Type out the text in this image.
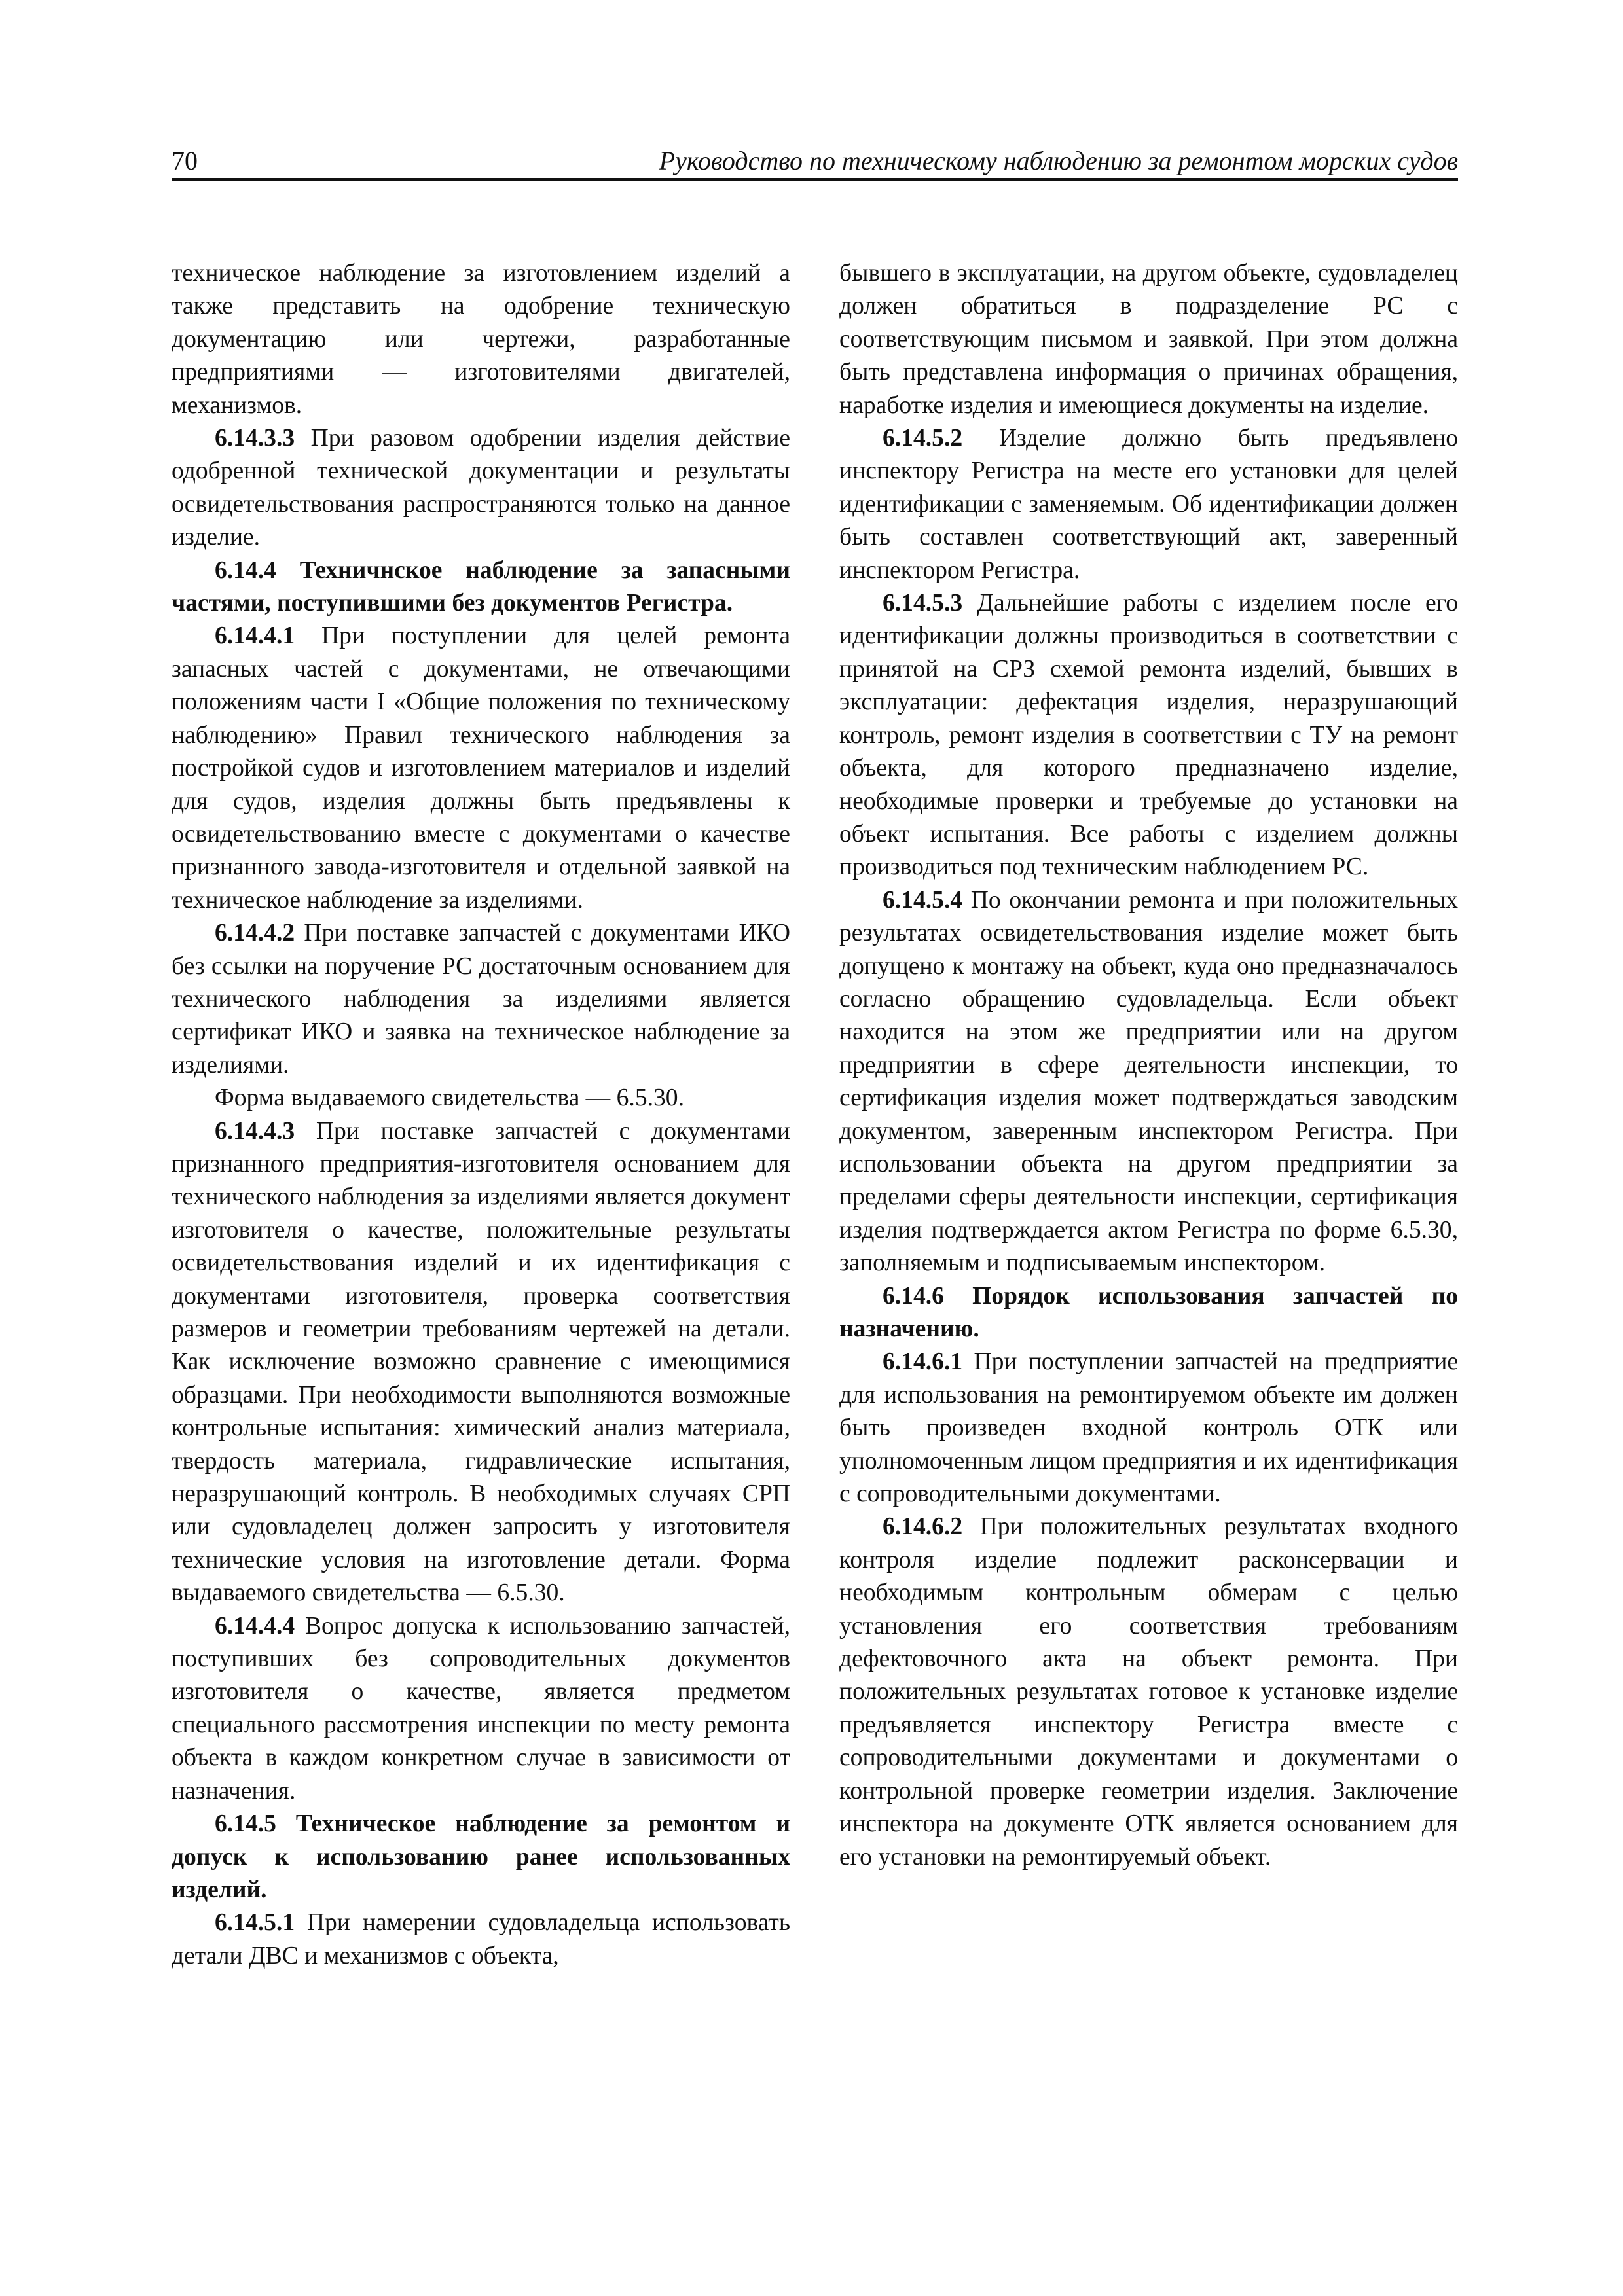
70	Руководство по техническому наблюдению за ремонтом морских судов

техническое наблюдение за изготовлением изделий а также представить на одобрение техническую документацию или чертежи, разработанные предприятиями — изготовителями двигателей, механизмов.

6.14.3.3 При разовом одобрении изделия действие одобренной технической документации и результаты освидетельствования распространяются только на данное изделие.

6.14.4 Техничнское наблюдение за запасными частями, поступившими без документов Регистра.

6.14.4.1 При поступлении для целей ремонта запасных частей с документами, не отвечающими положениям части I «Общие положения по техническому наблюдению» Правил технического наблюдения за постройкой судов и изготовлением материалов и изделий для судов, изделия должны быть предъявлены к освидетельствованию вместе с документами о качестве признанного завода-изготовителя и отдельной заявкой на техническое наблюдение за изделиями.

6.14.4.2 При поставке запчастей с документами ИКО без ссылки на поручение РС достаточным основанием для технического наблюдения за изделиями является сертификат ИКО и заявка на техническое наблюдение за изделиями.

Форма выдаваемого свидетельства — 6.5.30.

6.14.4.3 При поставке запчастей с документами признанного предприятия-изготовителя основанием для технического наблюдения за изделиями является документ изготовителя о качестве, положительные результаты освидетельствования изделий и их идентификация с документами изготовителя, проверка соответствия размеров и геометрии требованиям чертежей на детали. Как исключение возможно сравнение с имеющимися образцами. При необходимости выполняются возможные контрольные испытания: химический анализ материала, твердость материала, гидравлические испытания, неразрушающий контроль. В необходимых случаях СРП или судовладелец должен запросить у изготовителя технические условия на изготовление детали. Форма выдаваемого свидетельства — 6.5.30.

6.14.4.4 Вопрос допуска к использованию запчастей, поступивших без сопроводительных документов изготовителя о качестве, является предметом специального рассмотрения инспекции по месту ремонта объекта в каждом конкретном случае в зависимости от назначения.

6.14.5 Техническое наблюдение за ремонтом и допуск к использованию ранее использованных изделий.

6.14.5.1 При намерении судовладельца использовать детали ДВС и механизмов с объекта,

бывшего в эксплуатации, на другом объекте, судовладелец должен обратиться в подразделение РС с соответствующим письмом и заявкой. При этом должна быть представлена информация о причинах обращения, наработке изделия и имеющиеся документы на изделие.

6.14.5.2 Изделие должно быть предъявлено инспектору Регистра на месте его установки для целей идентификации с заменяемым. Об идентификации должен быть составлен соответствующий акт, заверенный инспектором Регистра.

6.14.5.3 Дальнейшие работы с изделием после его идентификации должны производиться в соответствии с принятой на СРЗ схемой ремонта изделий, бывших в эксплуатации: дефектация изделия, неразрушающий контроль, ремонт изделия в соответствии с ТУ на ремонт объекта, для которого предназначено изделие, необходимые проверки и требуемые до установки на объект испытания. Все работы с изделием должны производиться под техническим наблюдением РС.

6.14.5.4 По окончании ремонта и при положительных результатах освидетельствования изделие может быть допущено к монтажу на объект, куда оно предназначалось согласно обращению судовладельца. Если объект находится на этом же предприятии или на другом предприятии в сфере деятельности инспекции, то сертификация изделия может подтверждаться заводским документом, заверенным инспектором Регистра. При использовании объекта на другом предприятии за пределами сферы деятельности инспекции, сертификация изделия подтверждается актом Регистра по форме 6.5.30, заполняемым и подписываемым инспектором.

6.14.6 Порядок использования запчастей по назначению.

6.14.6.1 При поступлении запчастей на предприятие для использования на ремонтируемом объекте им должен быть произведен входной контроль ОТК или уполномоченным лицом предприятия и их идентификация с сопроводительными документами.

6.14.6.2 При положительных результатах входного контроля изделие подлежит расконсервации и необходимым контрольным обмерам с целью установления его соответствия требованиям дефектовочного акта на объект ремонта. При положительных результатах готовое к установке изделие предъявляется инспектору Регистра вместе с сопроводительными документами и документами о контрольной проверке геометрии изделия. Заключение инспектора на документе ОТК является основанием для его установки на ремонтируемый объект.
